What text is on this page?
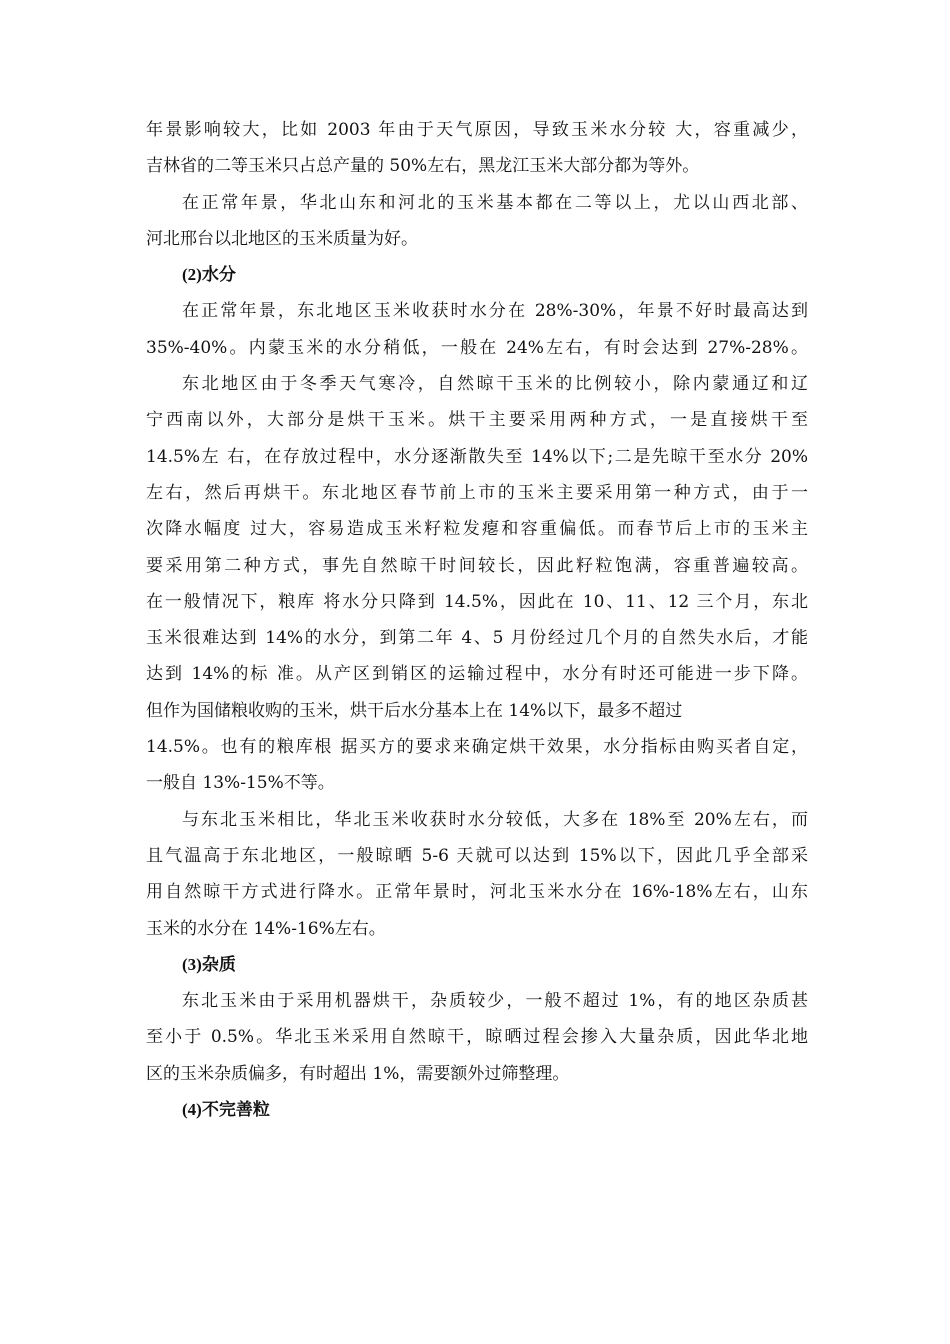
年景影响较大，比如 2003 年由于天气原因，导致玉米水分较 大，容重减少，
吉林省的二等玉米只占总产量的 50%左右，黑龙江玉米大部分都为等外。
在正常年景，华北山东和河北的玉米基本都在二等以上，尤以山西北部、
河北邢台以北地区的玉米质量为好。
(2)水分
在正常年景，东北地区玉米收获时水分在 28%-30%，年景不好时最高达到
35%-40%。内蒙玉米的水分稍低，一般在 24%左右，有时会达到 27%-28%。
东北地区由于冬季天气寒冷，自然晾干玉米的比例较小，除内蒙通辽和辽
宁西南以外，大部分是烘干玉米。烘干主要采用两种方式，一是直接烘干至
14.5%左 右，在存放过程中，水分逐渐散失至 14%以下;二是先晾干至水分 20%
左右，然后再烘干。东北地区春节前上市的玉米主要采用第一种方式，由于一
次降水幅度 过大，容易造成玉米籽粒发瘪和容重偏低。而春节后上市的玉米主
要采用第二种方式，事先自然晾干时间较长，因此籽粒饱满，容重普遍较高。
在一般情况下，粮库 将水分只降到 14.5%，因此在 10、11、12 三个月，东北
玉米很难达到 14%的水分，到第二年 4、5 月份经过几个月的自然失水后，才能
达到 14%的标 准。从产区到销区的运输过程中，水分有时还可能进一步下降。
但作为国储粮收购的玉米，烘干后水分基本上在 14%以下，最多不超过
14.5%。也有的粮库根 据买方的要求来确定烘干效果，水分指标由购买者自定，
一般自 13%-15%不等。
与东北玉米相比，华北玉米收获时水分较低，大多在 18%至 20%左右，而
且气温高于东北地区，一般晾晒 5-6 天就可以达到 15%以下，因此几乎全部采
用自然晾干方式进行降水。正常年景时，河北玉米水分在 16%-18%左右，山东
玉米的水分在 14%-16%左右。
(3)杂质
东北玉米由于采用机器烘干，杂质较少，一般不超过 1%，有的地区杂质甚
至小于 0.5%。华北玉米采用自然晾干，晾晒过程会掺入大量杂质，因此华北地
区的玉米杂质偏多，有时超出 1%，需要额外过筛整理。
(4)不完善粒
